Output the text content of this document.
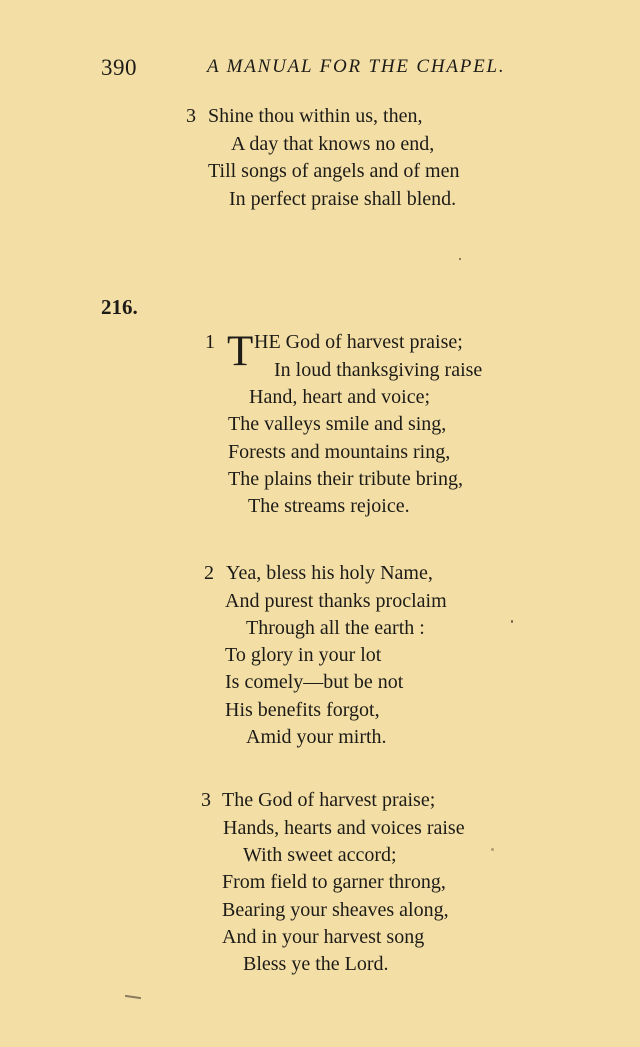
390	A MANUAL FOR THE CHAPEL.
3 Shine thou within us, then,
A day that knows no end,
Till songs of angels and of men
In perfect praise shall blend.
216.
1 T HE God of harvest praise;
In loud thanksgiving raise
Hand, heart and voice;
The valleys smile and sing,
Forests and mountains ring,
The plains their tribute bring,
The streams rejoice.
2 Yea, bless his holy Name,
And purest thanks proclaim
Through all the earth :
To glory in your lot
Is comely—but be not
His benefits forgot,
Amid your mirth.
3 The God of harvest praise;
Hands, hearts and voices raise
With sweet accord;
From field to garner throng,
Bearing your sheaves along,
And in your harvest song
Bless ye the Lord.
